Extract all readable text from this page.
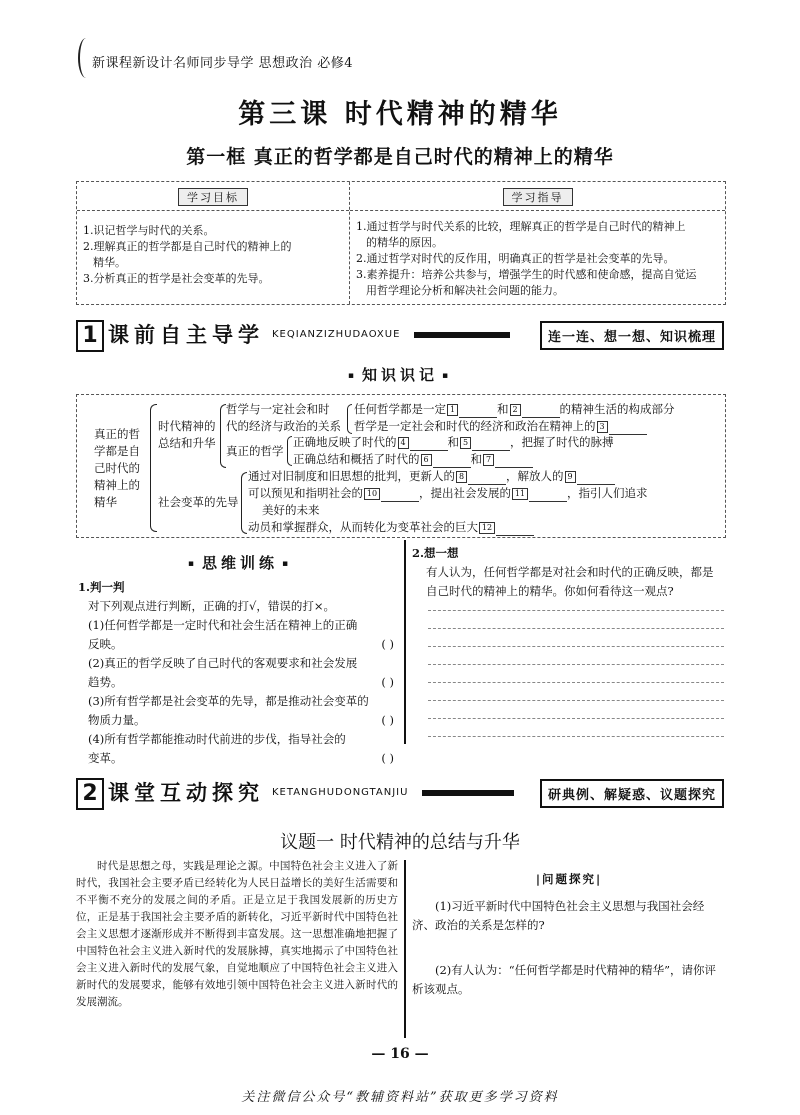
新课程新设计名师同步导学 思想政治 必修4
第三课 时代精神的精华
第一框 真正的哲学都是自己时代的精神上的精华
学习目标
1.识记哲学与时代的关系。
2.理解真正的哲学都是自己时代的精神上的
精华。
3.分析真正的哲学是社会变革的先导。
学习指导
1.通过哲学与时代关系的比较，理解真正的哲学是自己时代的精神上
的精华的原因。
2.通过哲学对时代的反作用，明确真正的哲学是社会变革的先导。
3.素养提升：培养公共参与，增强学生的时代感和使命感，提高自觉运
用哲学理论分析和解决社会问题的能力。
1 课前自主导学 KEQIANZIZHUDAOXUE	连一连、想一想、知识梳理
▪ 知识识记 ▪
真正的哲
学都是自
己时代的
精神上的
精华
时代精神的
总结和升华
哲学与一定社会和时
代的经济与政治的关系
任何哲学都是一定 1	和 2	的精神生活的构成部分
哲学是一定社会和时代的经济和政治在精神上的 3
真正的哲学
正确地反映了时代的 4	和 5	，把握了时代的脉搏
正确总结和概括了时代的 6	和 7
社会变革的先导
通过对旧制度和旧思想的批判，更新人的 8	，解放人的 9
可以预见和指明社会的 10	，提出社会发展的 11	，指引人们追求
美好的未来
动员和掌握群众，从而转化为变革社会的巨大 12
▪ 思维训练 ▪
1.判一判
对下列观点进行判断，正确的打√，错误的打×。
(1)任何哲学都是一定时代和社会生活在精神上的正确
反映。	( )
(2)真正的哲学反映了自己时代的客观要求和社会发展
趋势。	( )
(3)所有哲学都是社会变革的先导，都是推动社会变革的
物质力量。	( )
(4)所有哲学都能推动时代前进的步伐，指导社会的
变革。	( )
2.想一想
有人认为，任何哲学都是对社会和时代的正确反映，都是
自己时代的精神上的精华。你如何看待这一观点?
2 课堂互动探究 KETANGHUDONGTANJIU	研典例、解疑惑、议题探究
议题一 时代精神的总结与升华
时代是思想之母，实践是理论之源。中国特色社会主义进入了新时代，我国社会主要矛盾已经转化为人民日益增长的美好生活需要和不平衡不充分的发展之间的矛盾。正是立足于我国发展新的历史方位，正是基于我国社会主要矛盾的新转化，习近平新时代中国特色社会主义思想才逐渐形成并不断得到丰富发展。这一思想准确地把握了中国特色社会主义进入新时代的发展脉搏，真实地揭示了中国特色社会主义进入新时代的发展气象，自觉地顺应了中国特色社会主义进入新时代的发展要求，能够有效地引领中国特色社会主义进入新时代的发展潮流。
|问题探究|
(1)习近平新时代中国特色社会主义思想与我国社会经济、政治的关系是怎样的?
(2)有人认为：“任何哲学都是时代精神的精华”，请你评析该观点。
— 16 —
关注微信公众号“教辅资料站”获取更多学习资料
